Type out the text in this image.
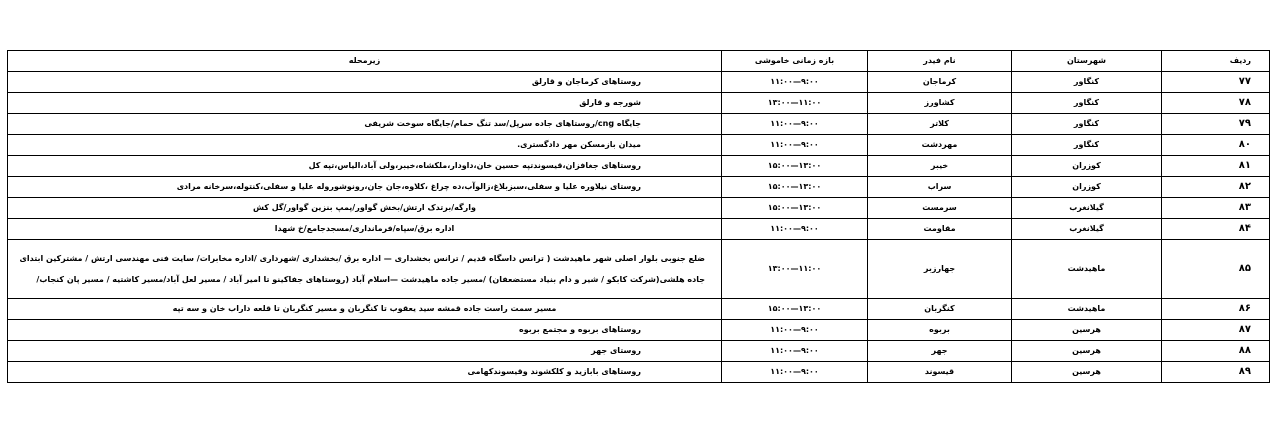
ردیف	شهرستان	نام فیدر	بازه زمانی خاموشی	زیرمحله
۷۷	کنگاور	کرماجان	۹:۰۰—۱۱:۰۰	روستاهای کرماجان و قارلق
۷۸	کنگاور	کشاورز	۱۱:۰۰—۱۳:۰۰	شورجه و قارلق
۷۹	کنگاور	کلاتر	۹:۰۰—۱۱:۰۰	جایگاه cng/روستاهای جاده سرپل/سد تنگ حمام/جایگاه سوخت شریفی
۸۰	کنگاور	مهردشت	۹:۰۰—۱۱:۰۰	میدان بازمسکن مهر دادگستری.
۸۱	کوزران	خیبر	۱۳:۰۰—۱۵:۰۰	روستاهای جغافزان،قیسوندتپه حسین خان،داودار،ملکشاه،خیبر،ولی آباد،الیاس،تپه کل
۸۲	کوزران	سراب	۱۳:۰۰—۱۵:۰۰	روستای نیلاوره علیا و سفلی،سبزبلاغ،زالوآب،ده چراغ ،کلاوه،جان جان،رونوشوروله علیا و سفلی،کنتوله،سرخانه مرادی
۸۳	گیلانغرب	سرمست	۱۳:۰۰—۱۵:۰۰	وارگه/برتدک ارتش/بخش گواور/پمپ بنزین گواور/گل کش
۸۴	گیلانغرب	مقاومت	۹:۰۰—۱۱:۰۰	اداره برق/سپاه/فرمانداری/مسجدجامع/خ شهدا
۸۵	ماهیدشت	جهارزبر	۱۱:۰۰—۱۳:۰۰	ضلع جنوبی بلوار اصلی شهر ماهیدشت ( ترانس داسگاه قدیم / ترانس بخشداری — اداره برق /بخشداری /شهرداری /اداره مخابرات/ سایت فنی مهندسی ارتش / مشترکین ابتدای جاده هلشی(شرکت کابکو / شیر و دام بنیاد مستضعفان) /مسیر جاده ماهیدشت —اسلام آباد (روستاهای جفاکینو تا امیر آباد / مسیر لعل آباد/مسیر کاشتیه / مسیر پان کنجاب/
۸۶	ماهیدشت	کنگربان	۱۳:۰۰—۱۵:۰۰	مسیر سمت راست جاده قمشه سید یعقوب تا کنگربان و مسیر کنگربان تا قلعه داراب خان و سه تپه
۸۷	هرسین	بربوه	۹:۰۰—۱۱:۰۰	روستاهای بربوه و مجتمع بربوه
۸۸	هرسین	جهر	۹:۰۰—۱۱:۰۰	روستای جهر
۸۹	هرسین	قیسوند	۹:۰۰—۱۱:۰۰	روستاهای بابازید و کلکشوند وقیسوندکهامی
